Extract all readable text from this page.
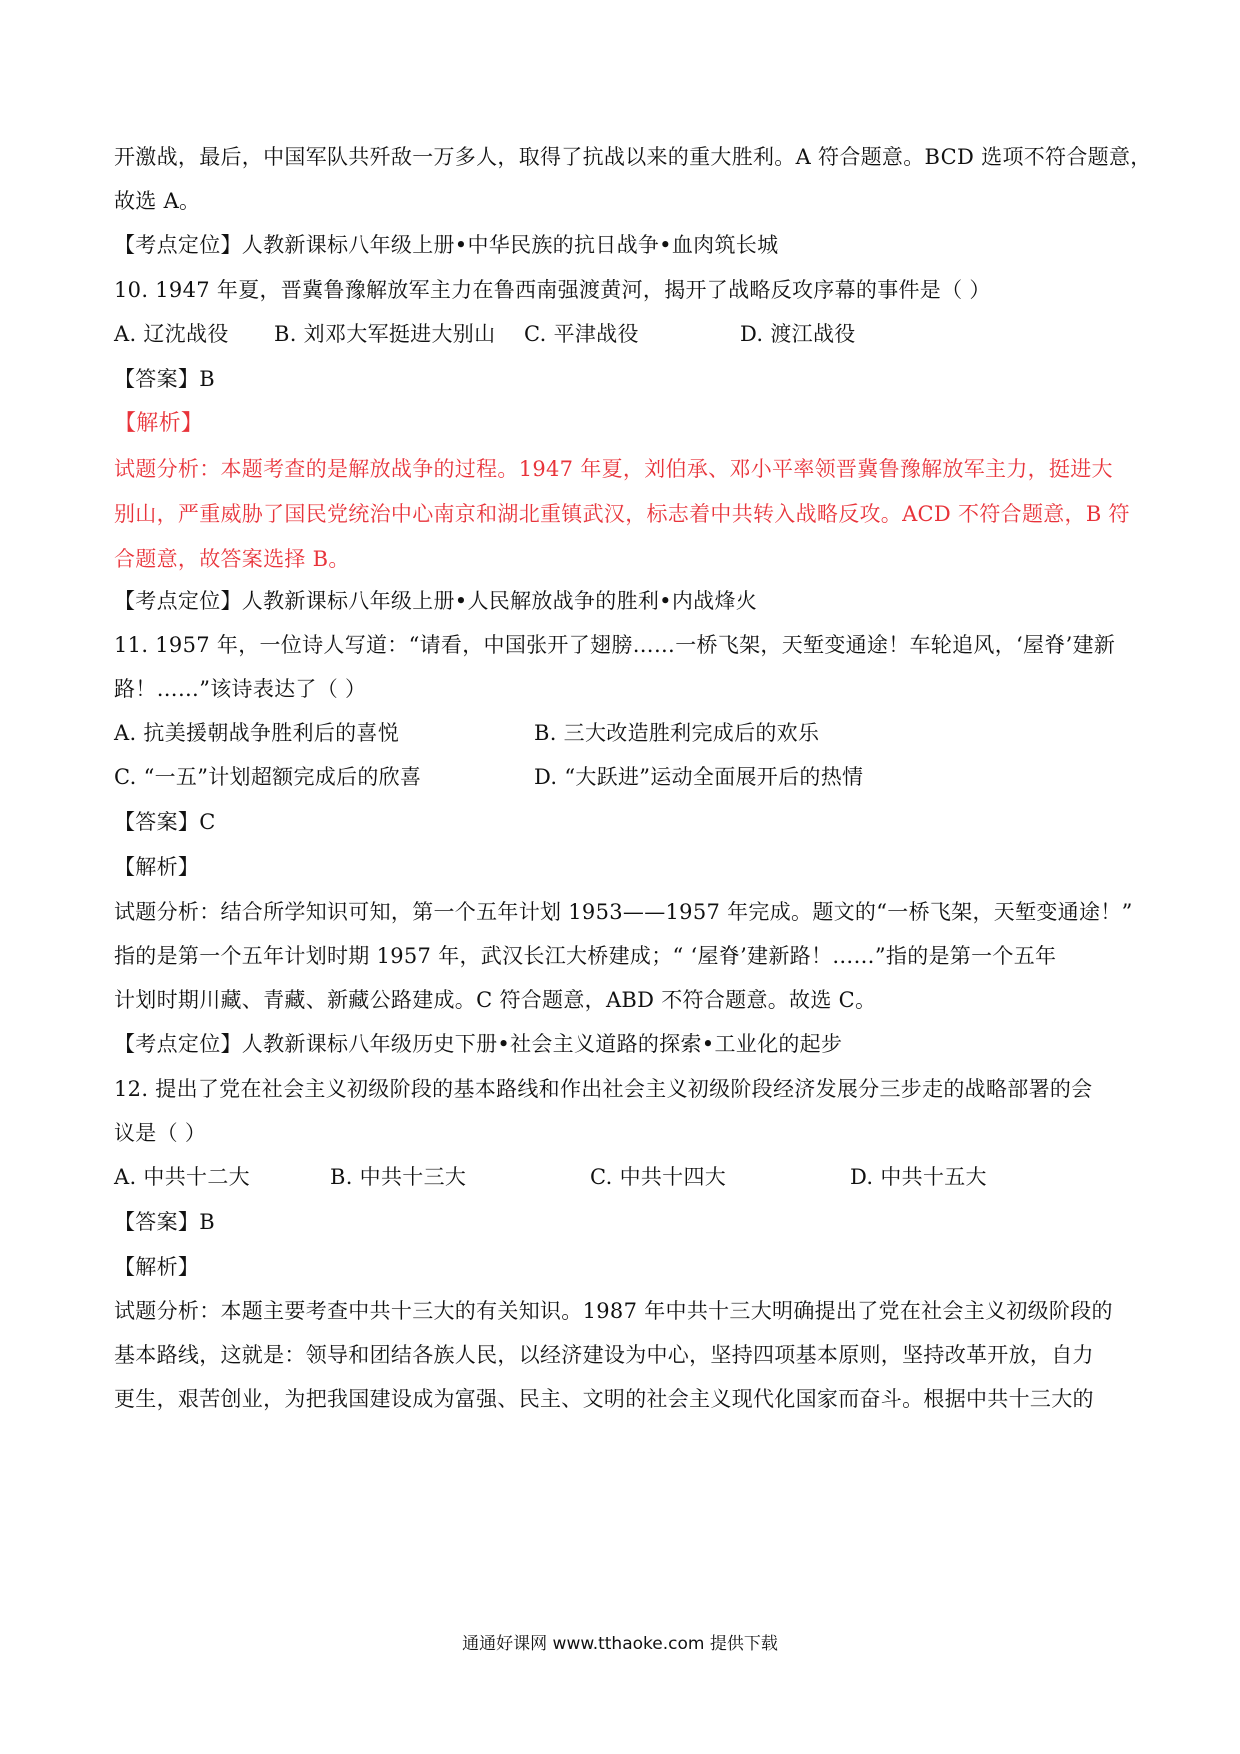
开激战，最后，中国军队共歼敌一万多人，取得了抗战以来的重大胜利。A 符合题意。BCD 选项不符合题意，
故选 A。
【考点定位】人教新课标八年级上册•中华民族的抗日战争•血肉筑长城
10. 1947 年夏，晋冀鲁豫解放军主力在鲁西南强渡黄河，揭开了战略反攻序幕的事件是（ ）
A. 辽沈战役 B. 刘邓大军挺进大别山 C. 平津战役	D. 渡江战役
【答案】B
【解析】
试题分析：本题考查的是解放战争的过程。1947 年夏，刘伯承、邓小平率领晋冀鲁豫解放军主力，挺进大
别山，严重威胁了国民党统治中心南京和湖北重镇武汉，标志着中共转入战略反攻。ACD 不符合题意，B 符
合题意，故答案选择 B。
【考点定位】人教新课标八年级上册•人民解放战争的胜利•内战烽火
11. 1957 年，一位诗人写道：“请看，中国张开了翅膀……一桥飞架，天堑变通途！车轮追风，‘屋脊’建新
路！……”该诗表达了（ ）
A. 抗美援朝战争胜利后的喜悦	B. 三大改造胜利完成后的欢乐
C. “一五”计划超额完成后的欣喜	D. “大跃进”运动全面展开后的热情
【答案】C
【解析】
试题分析：结合所学知识可知，第一个五年计划 1953——1957 年完成。题文的“一桥飞架，天堑变通途！”
指的是第一个五年计划时期 1957 年，武汉长江大桥建成；“ ‘屋脊’建新路！……”指的是第一个五年
计划时期川藏、青藏、新藏公路建成。C 符合题意，ABD 不符合题意。故选 C。
【考点定位】人教新课标八年级历史下册•社会主义道路的探索•工业化的起步
12. 提出了党在社会主义初级阶段的基本路线和作出社会主义初级阶段经济发展分三步走的战略部署的会
议是（ ）
A. 中共十二大	B. 中共十三大	C. 中共十四大	D. 中共十五大
【答案】B
【解析】
试题分析：本题主要考查中共十三大的有关知识。1987 年中共十三大明确提出了党在社会主义初级阶段的
基本路线，这就是：领导和团结各族人民，以经济建设为中心，坚持四项基本原则，坚持改革开放，自力
更生，艰苦创业，为把我国建设成为富强、民主、文明的社会主义现代化国家而奋斗。根据中共十三大的
通通好课网 www.tthaoke.com 提供下载
